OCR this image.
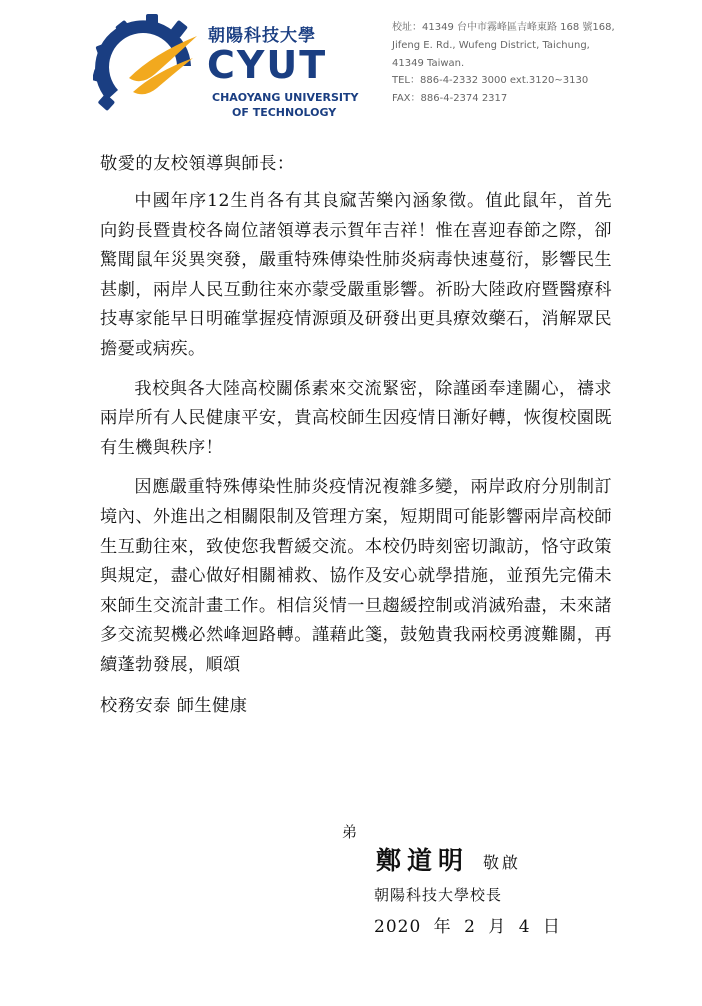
朝陽科技大學
CYUT
CHAOYANG UNIVERSITY
OF TECHNOLOGY
校址：41349 台中市霧峰區吉峰東路 168 號168,
Jifeng E. Rd., Wufeng District, Taichung,
41349 Taiwan.
TEL：886-4-2332 3000 ext.3120~3130
FAX：886-4-2374 2317

敬愛的友校領導與師長：

中國年序12生肖各有其良窳苦樂內涵象徵。值此鼠年，首先向鈞長暨貴校各崗位諸領導表示賀年吉祥！惟在喜迎春節之際，卻驚聞鼠年災異突發，嚴重特殊傳染性肺炎病毒快速蔓衍，影響民生甚劇，兩岸人民互動往來亦蒙受嚴重影響。祈盼大陸政府暨醫療科技專家能早日明確掌握疫情源頭及研發出更具療效藥石，消解眾民擔憂或病疾。

我校與各大陸高校關係素來交流緊密，除謹函奉達關心，禱求兩岸所有人民健康平安，貴高校師生因疫情日漸好轉，恢復校園既有生機與秩序！

因應嚴重特殊傳染性肺炎疫情況複雜多變，兩岸政府分別制訂境內、外進出之相關限制及管理方案，短期間可能影響兩岸高校師生互動往來，致使您我暫緩交流。本校仍時刻密切諏訪，恪守政策與規定，盡心做好相關補救、協作及安心就學措施，並預先完備未來師生交流計畫工作。相信災情一旦趨緩控制或消滅殆盡，未來諸多交流契機必然峰迴路轉。謹藉此箋，鼓勉貴我兩校勇渡難關，再續蓬勃發展，順頌

校務安泰 師生健康

弟
鄭道明 敬啟
朝陽科技大學校長
2020 年 2 月 4 日
